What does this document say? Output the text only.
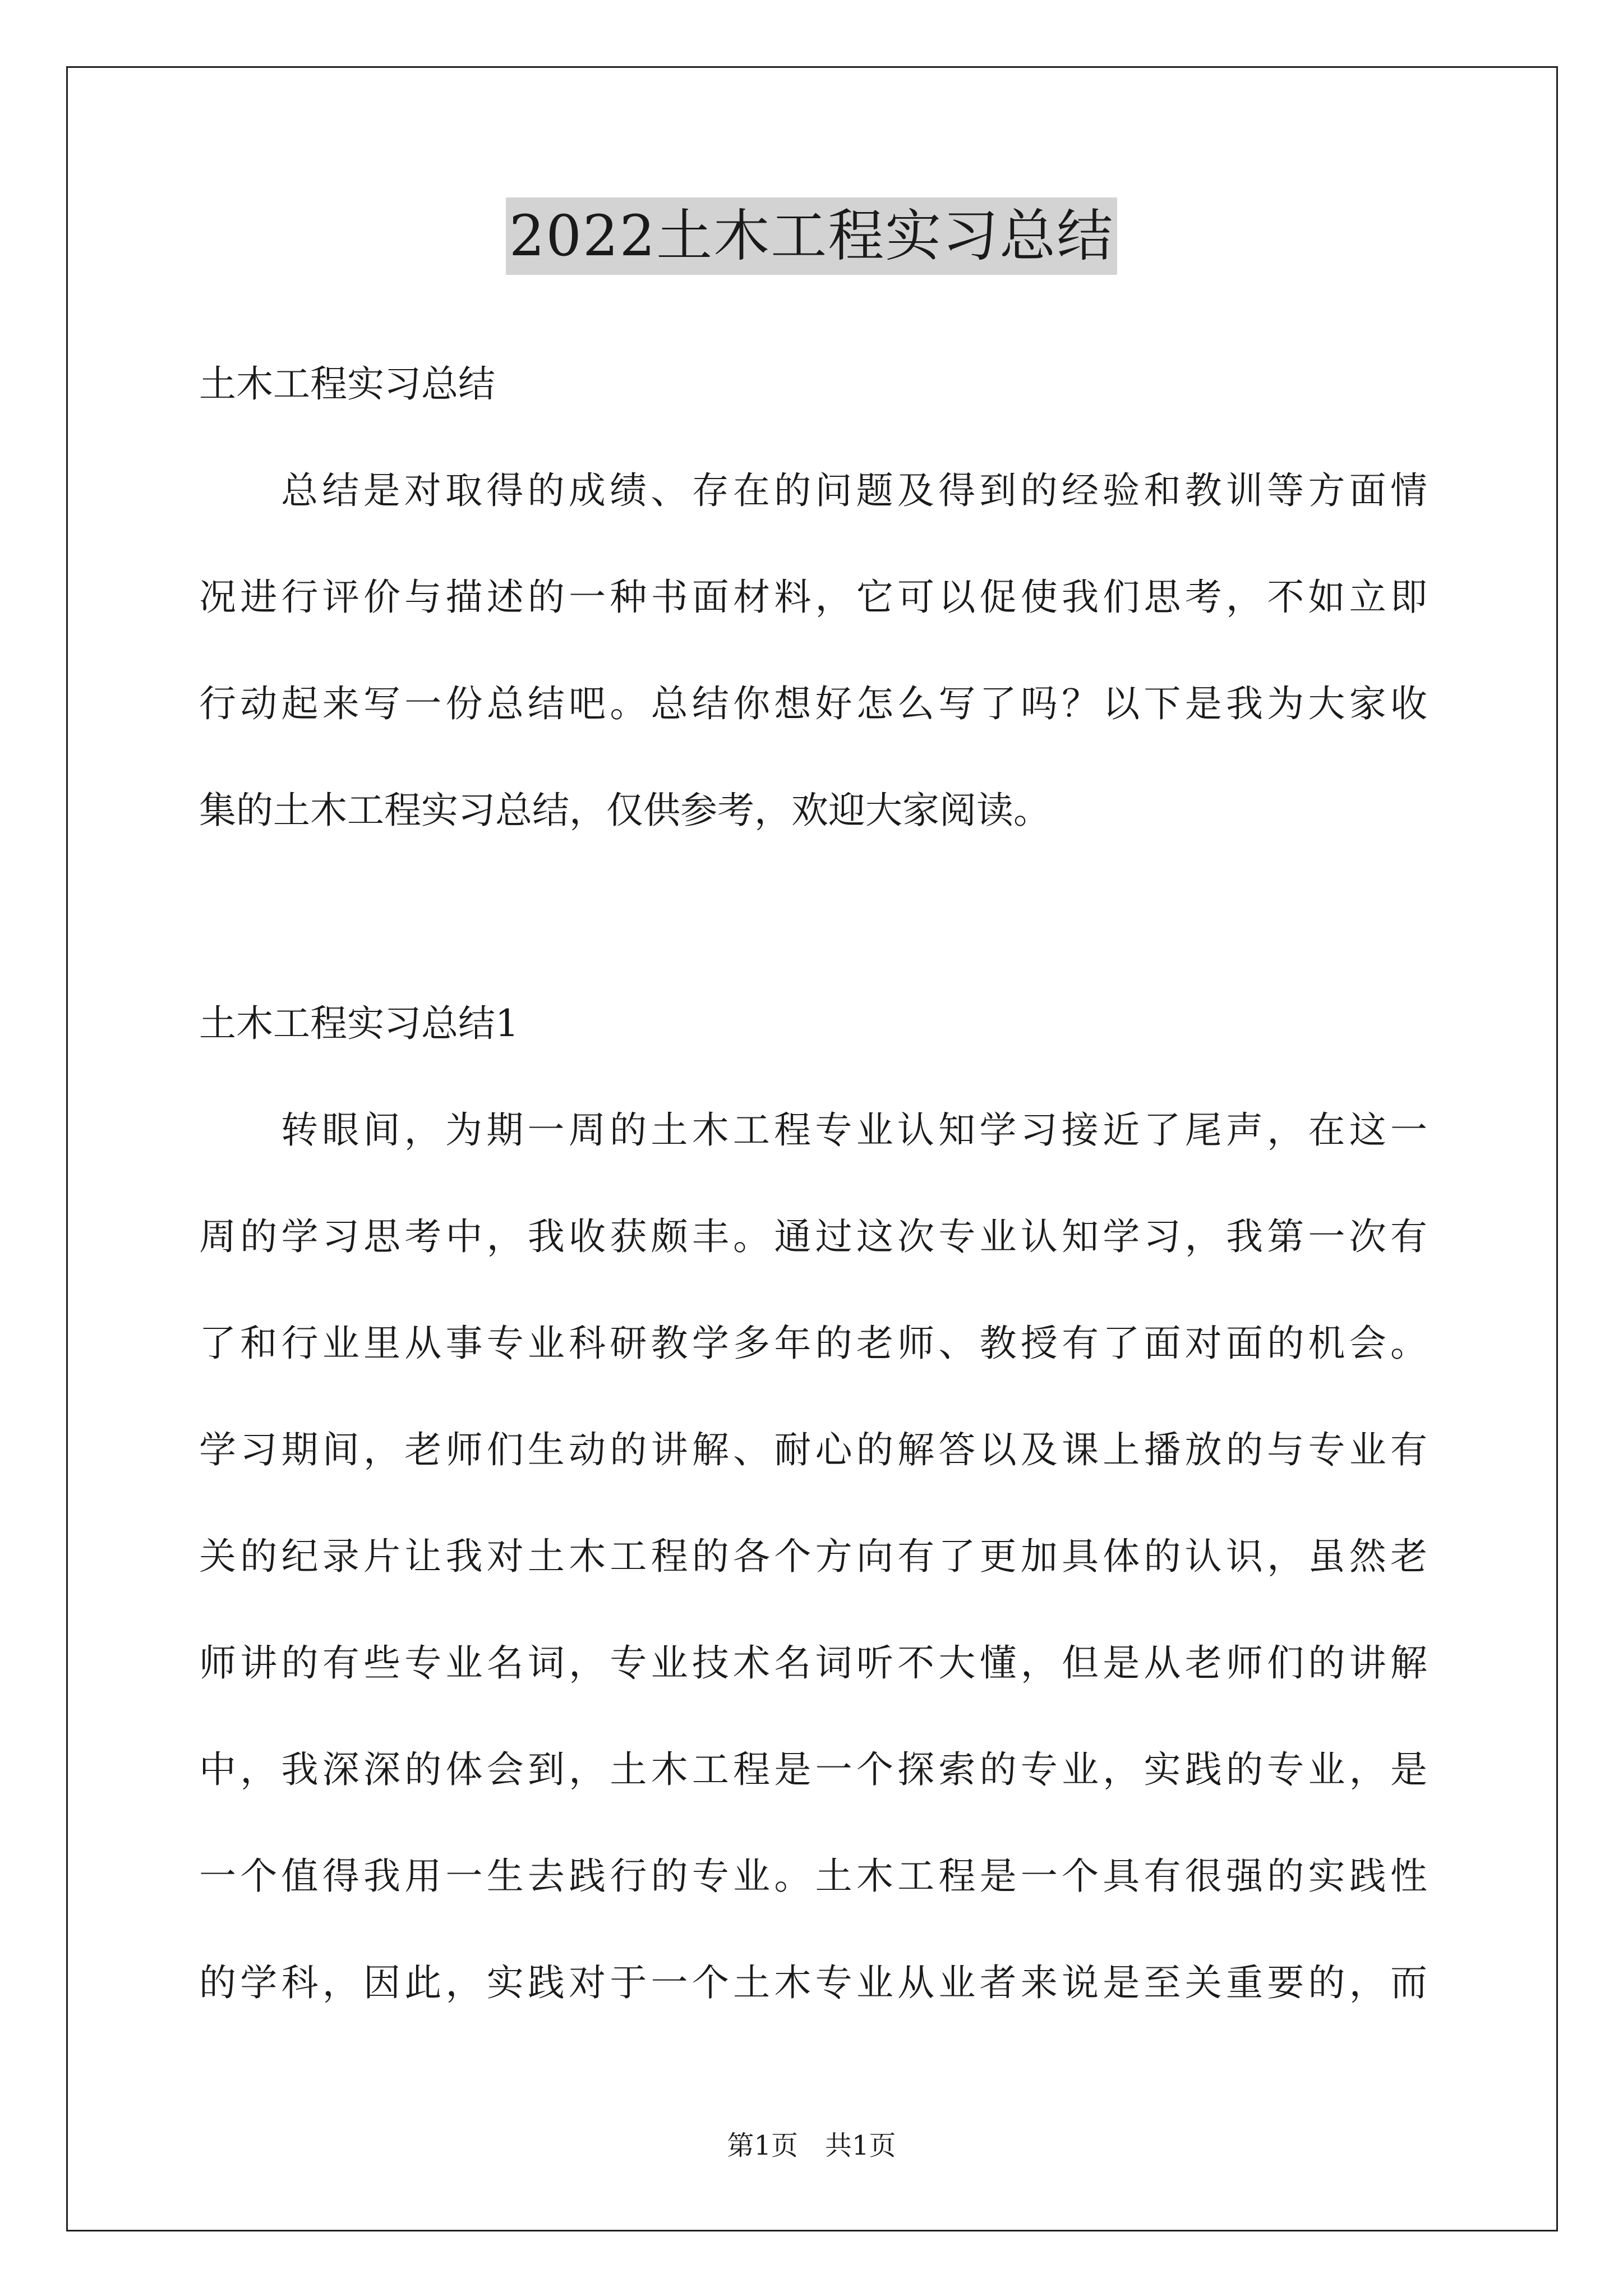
2022土木工程实习总结
土木工程实习总结
总结是对取得的成绩、存在的问题及得到的经验和教训等方面情
况进行评价与描述的一种书面材料，它可以促使我们思考，不如立即
行动起来写一份总结吧。总结你想好怎么写了吗？以下是我为大家收
集的土木工程实习总结，仅供参考，欢迎大家阅读。
土木工程实习总结1
转眼间，为期一周的土木工程专业认知学习接近了尾声，在这一
周的学习思考中，我收获颇丰。通过这次专业认知学习，我第一次有
了和行业里从事专业科研教学多年的老师、教授有了面对面的机会。
学习期间，老师们生动的讲解、耐心的解答以及课上播放的与专业有
关的纪录片让我对土木工程的各个方向有了更加具体的认识，虽然老
师讲的有些专业名词，专业技术名词听不大懂，但是从老师们的讲解
中，我深深的体会到，土木工程是一个探索的专业，实践的专业，是
一个值得我用一生去践行的专业。土木工程是一个具有很强的实践性
的学科，因此，实践对于一个土木专业从业者来说是至关重要的，而
第1页　共1页
